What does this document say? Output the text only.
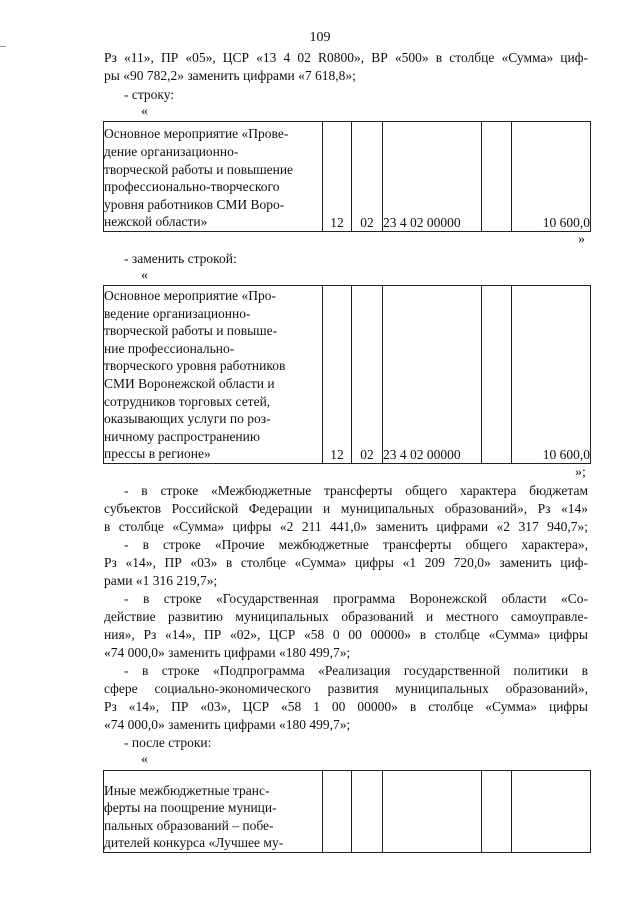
109
Рз «11», ПР «05», ЦСР «13 4 02 R0800», ВР «500» в столбце «Сумма» циф-
ры «90 782,2» заменить цифрами «7 618,8»;
- строку:
«
Основное мероприятие «Прове-
дение организационно-
творческой работы и повышение
профессионально-творческого
уровня работников СМИ Воро-
нежской области»	12	02	23 4 02 00000		10 600,0
»
- заменить строкой:
«
Основное мероприятие «Про-
ведение организационно-
творческой работы и повыше-
ние профессионально-
творческого уровня работников
СМИ Воронежской области и
сотрудников торговых сетей,
оказывающих услуги по роз-
ничному распространению
прессы в регионе»	12	02	23 4 02 00000		10 600,0
»;
- в строке «Межбюджетные трансферты общего характера бюджетам
субъектов Российской Федерации и муниципальных образований», Рз «14»
в столбце «Сумма» цифры «2 211 441,0» заменить цифрами «2 317 940,7»;
- в строке «Прочие межбюджетные трансферты общего характера»,
Рз «14», ПР «03» в столбце «Сумма» цифры «1 209 720,0» заменить циф-
рами «1 316 219,7»;
- в строке «Государственная программа Воронежской области «Со-
действие развитию муниципальных образований и местного самоуправле-
ния», Рз «14», ПР «02», ЦСР «58 0 00 00000» в столбце «Сумма» цифры
«74 000,0» заменить цифрами «180 499,7»;
- в строке «Подпрограмма «Реализация государственной политики в
сфере социально-экономического развития муниципальных образований»,
Рз «14», ПР «03», ЦСР «58 1 00 00000» в столбце «Сумма» цифры
«74 000,0» заменить цифрами «180 499,7»;
- после строки:
«
Иные межбюджетные транс-
ферты на поощрение муници-
пальных образований – побе-
дителей конкурса «Лучшее му-
